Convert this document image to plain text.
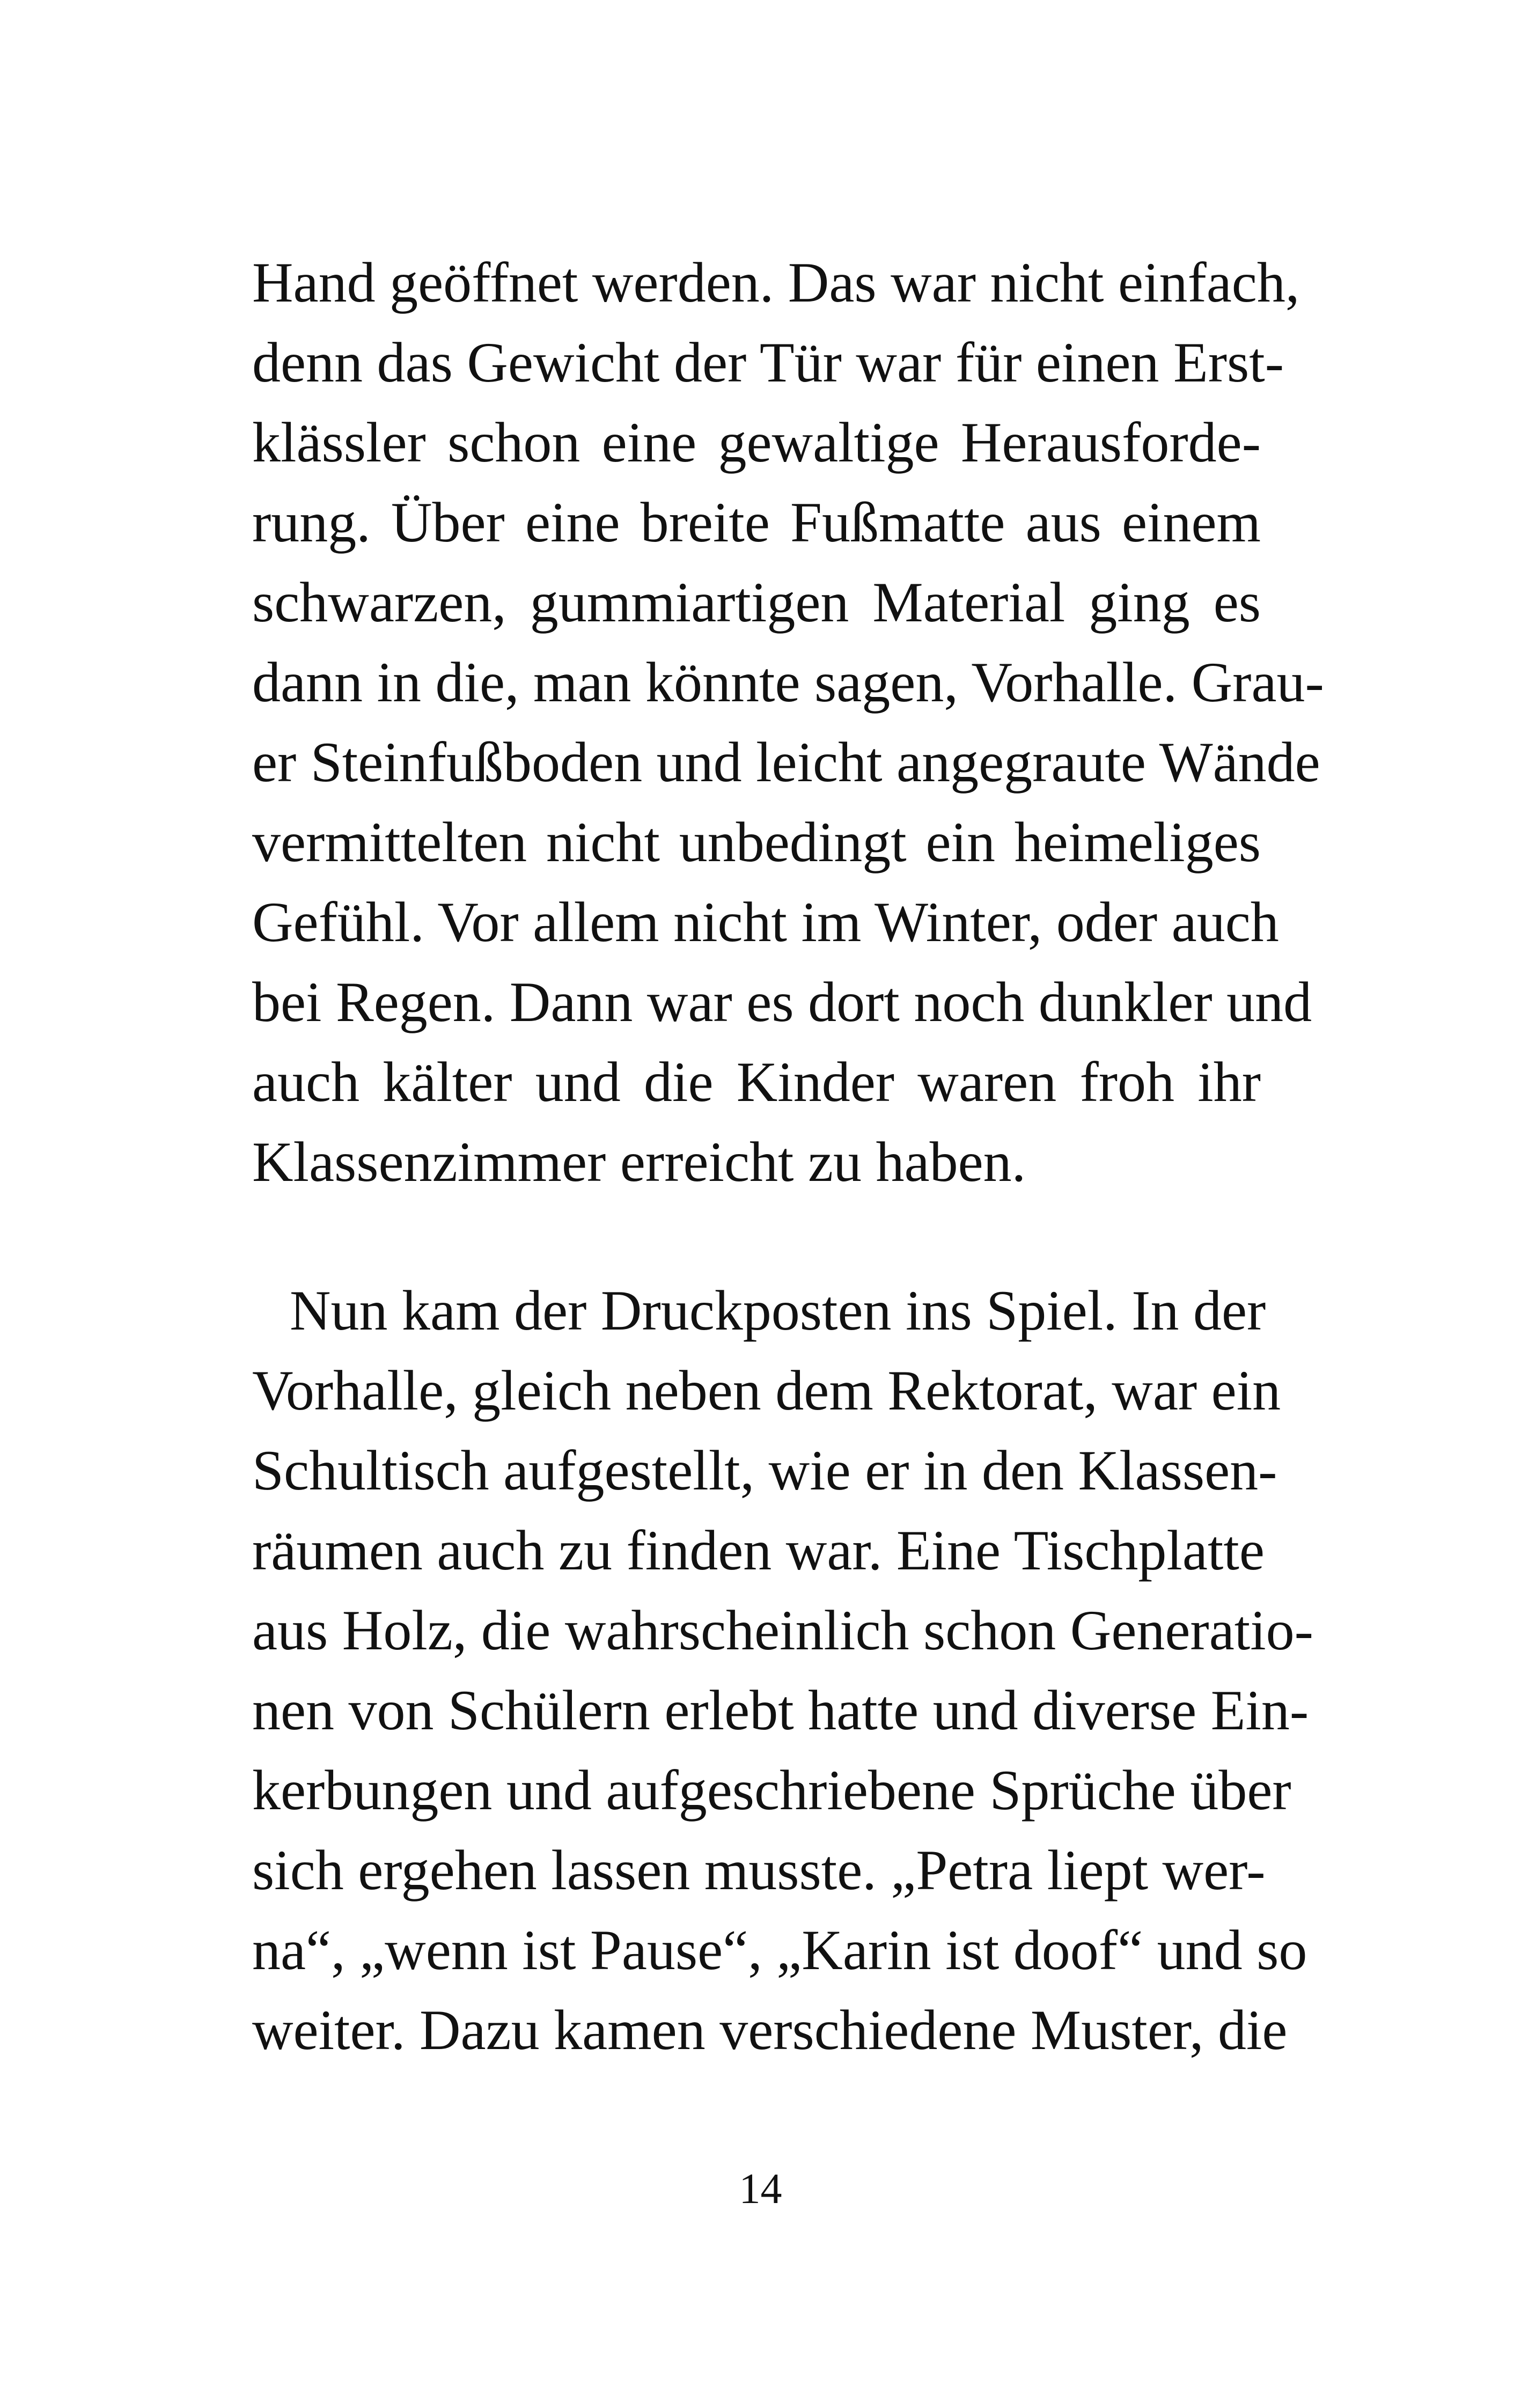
Hand geöffnet werden. Das war nicht einfach,
denn das Gewicht der Tür war für einen Erst-
klässler schon eine gewaltige Herausforde-
rung. Über eine breite Fußmatte aus einem
schwarzen, gummiartigen Material ging es
dann in die, man könnte sagen, Vorhalle. Grau-
er Steinfußboden und leicht angegraute Wände
vermittelten nicht unbedingt ein heimeliges
Gefühl. Vor allem nicht im Winter, oder auch
bei Regen. Dann war es dort noch dunkler und
auch kälter und die Kinder waren froh ihr
Klassenzimmer erreicht zu haben.
Nun kam der Druckposten ins Spiel. In der
Vorhalle, gleich neben dem Rektorat, war ein
Schultisch aufgestellt, wie er in den Klassen-
räumen auch zu finden war. Eine Tischplatte
aus Holz, die wahrscheinlich schon Generatio-
nen von Schülern erlebt hatte und diverse Ein-
kerbungen und aufgeschriebene Sprüche über
sich ergehen lassen musste. „Petra liept wer-
na“, „wenn ist Pause“, „Karin ist doof“ und so
weiter. Dazu kamen verschiedene Muster, die
14
